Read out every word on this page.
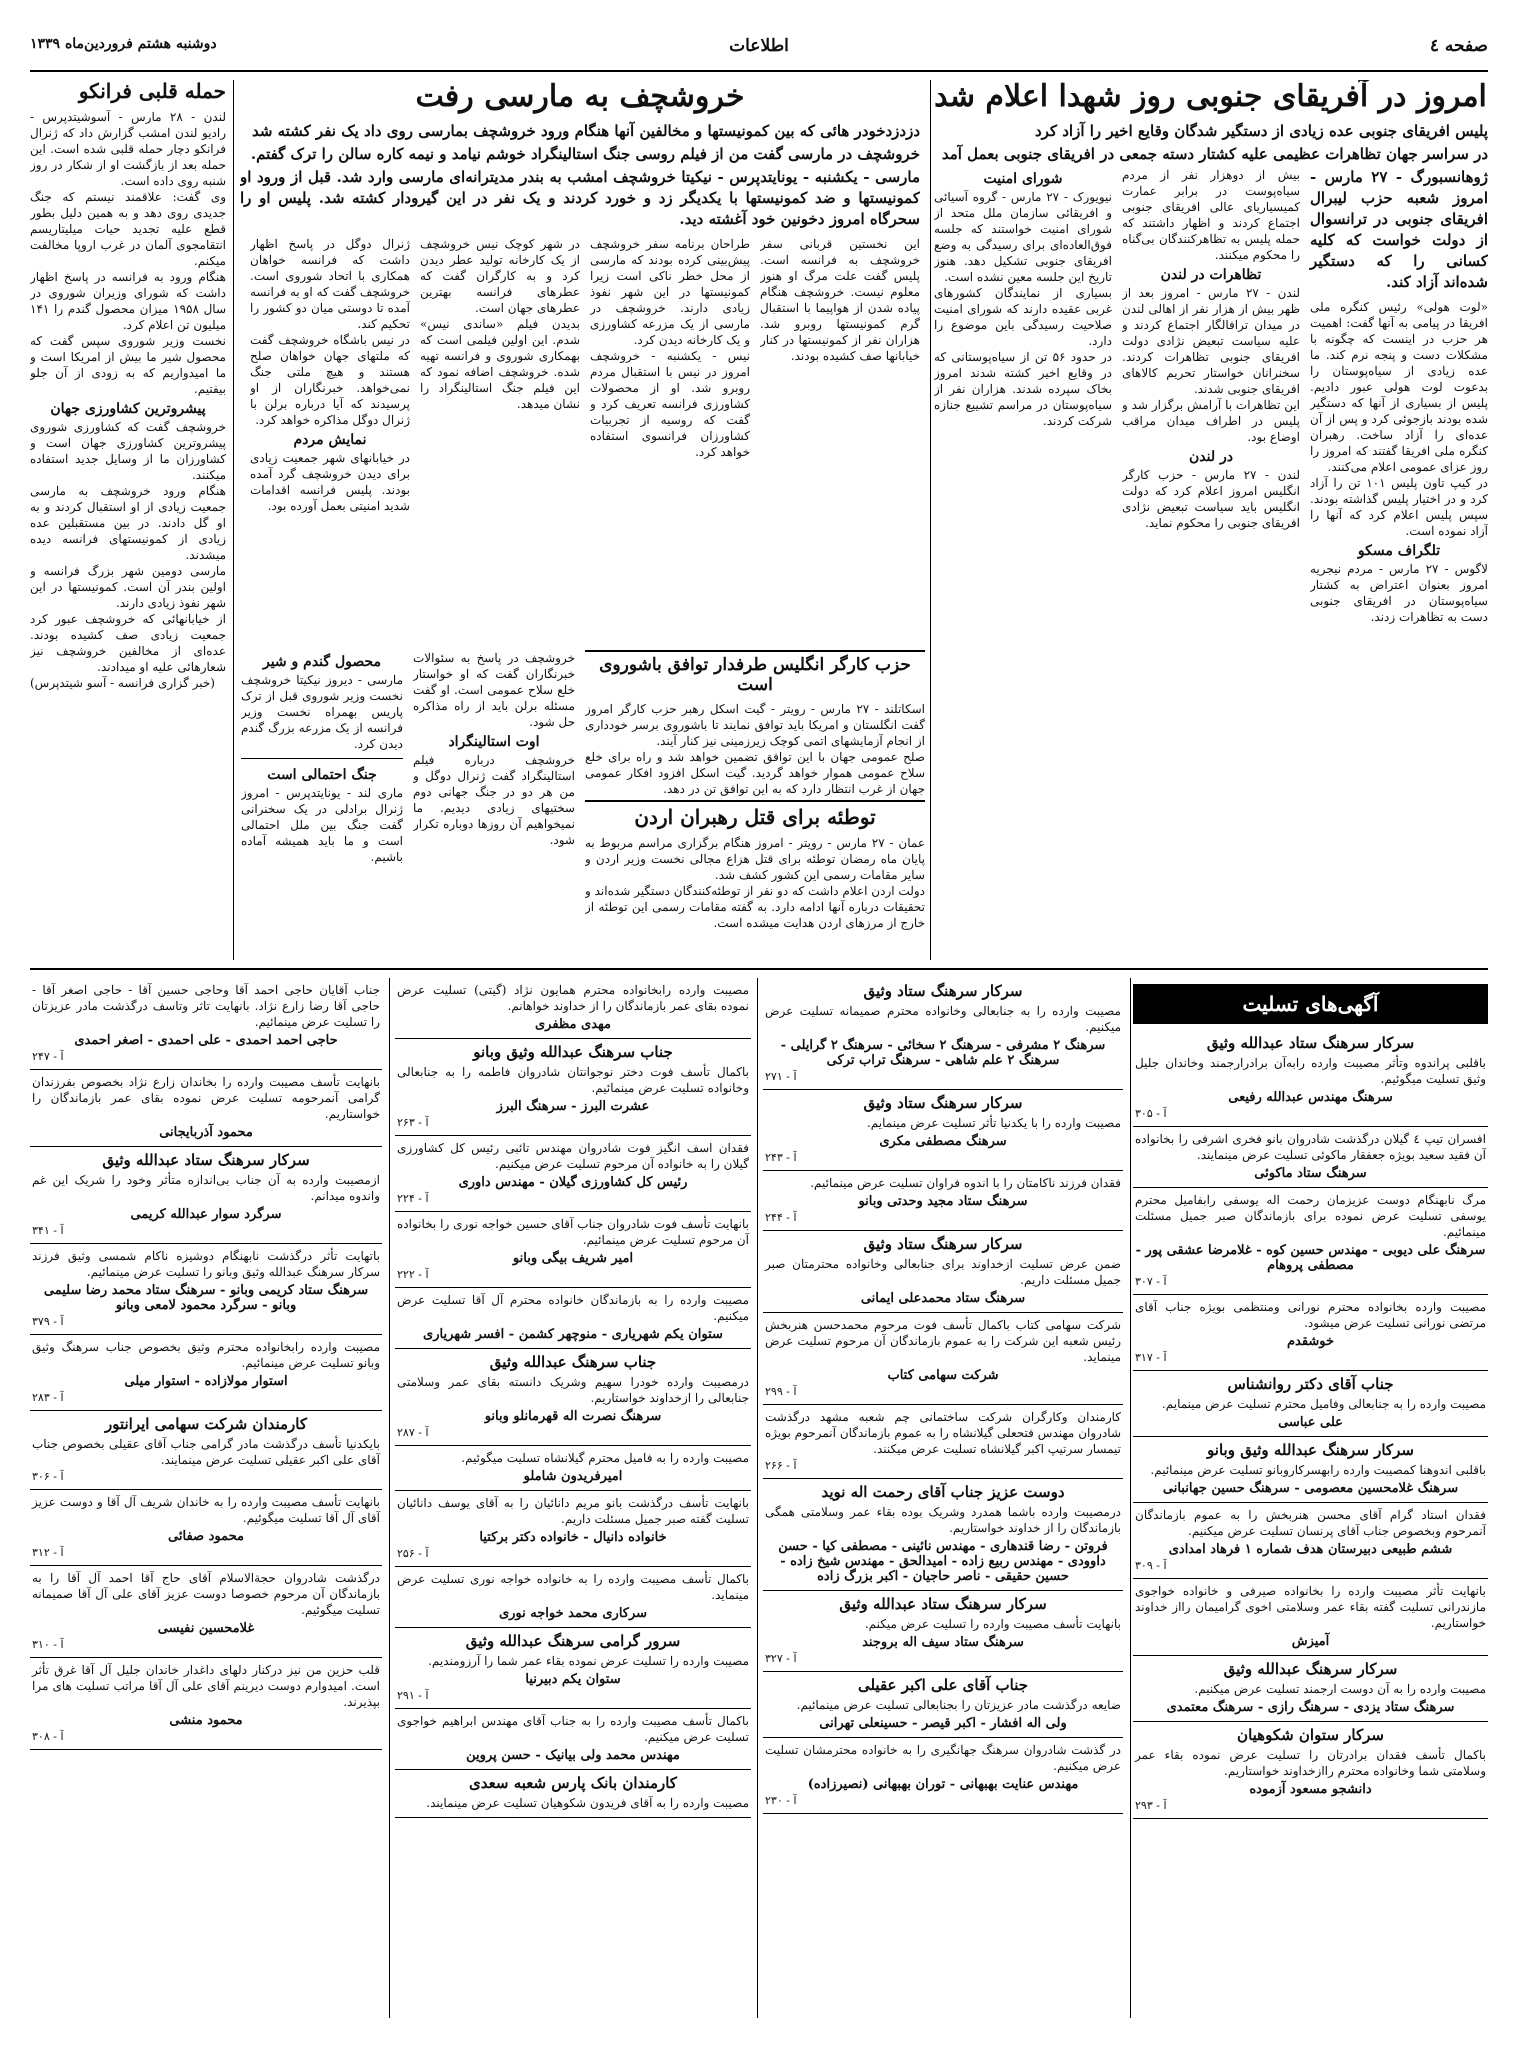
صفحه ٤
اطلاعات
دوشنبه هشتم فروردین‌ماه ۱۳۳۹
امروز در آفریقای جنوبی روز شهدا اعلام شد

پلیس افریقای جنوبی عده زیادی از دستگیر شدگان وقایع اخیر را آزاد کرد

در سراسر جهان تظاهرات عظیمی علیه کشتار دسته جمعی در افریقای جنوبی بعمل آمد

ژوهانسبورگ - ۲۷ مارس - امروز شعبه حزب لیبرال افریقای جنوبی در ترانسوال از دولت خواست که کلیه کسانی را که دستگیر شده‌اند آزاد کند.

«لوت هولی» رئیس کنگره ملی افریقا در پیامی به آنها گفت: اهمیت هر حزب در اینست که چگونه با مشکلات دست و پنجه نرم کند. ما عده زیادی از سیاه‌پوستان را بدعوت لوت هولی عبور دادیم. پلیس از بسیاری از آنها که دستگیر شده بودند بازجوئی کرد و پس از آن عده‌ای را آزاد ساخت. رهبران کنگره ملی افریقا گفتند که امروز را روز عزای عمومی اعلام می‌کنند.

در کیپ تاون پلیس ۱۰۱ تن را آزاد کرد و در اختیار پلیس گذاشته بودند. سپس پلیس اعلام کرد که آنها را آزاد نموده است.

تلگراف مسکو

لاگوس - ۲۷ مارس - مردم نیجریه امروز بعنوان اعتراض به کشتار سیاه‌پوستان در افریقای جنوبی دست به تظاهرات زدند.

بیش از دوهزار نفر از مردم سیاه‌پوست در برابر عمارت کمیسیاریای عالی افریقای جنوبی اجتماع کردند و اظهار داشتند که حمله پلیس به تظاهرکنندگان بی‌گناه را محکوم میکنند.

تظاهرات در لندن

لندن - ۲۷ مارس - امروز بعد از ظهر بیش از هزار نفر از اهالی لندن در میدان ترافالگار اجتماع کردند و علیه سیاست تبعیض نژادی دولت افریقای جنوبی تظاهرات کردند. سخنرانان خواستار تحریم کالاهای افریقای جنوبی شدند.

این تظاهرات با آرامش برگزار شد و پلیس در اطراف میدان مراقب اوضاع بود.

در لندن

لندن - ۲۷ مارس - حزب کارگر انگلیس امروز اعلام کرد که دولت انگلیس باید سیاست تبعیض نژادی افریقای جنوبی را محکوم نماید.

شورای امنیت

نیویورک - ۲۷ مارس - گروه آسیائی و افریقائی سازمان ملل متحد از شورای امنیت خواستند که جلسه فوق‌العاده‌ای برای رسیدگی به وضع افریقای جنوبی تشکیل دهد. هنوز تاریخ این جلسه معین نشده است.

بسیاری از نمایندگان کشورهای غربی عقیده دارند که شورای امنیت صلاحیت رسیدگی باین موضوع را دارد.

در حدود ۵۶ تن از سیاه‌پوستانی که در وقایع اخیر کشته شدند امروز بخاک سپرده شدند. هزاران نفر از سیاه‌پوستان در مراسم تشییع جنازه شرکت کردند.

خروشچف به مارسی رفت

دزدزدخودر هائی که بین کمونیستها و مخالفین آنها هنگام ورود خروشچف بمارسی روی داد یک نفر کشته شد

خروشچف در مارسی گفت من از فیلم روسی جنگ استالینگراد خوشم نیامد و نیمه کاره سالن را ترک گفتم.

مارسی - یکشنبه - یونایتدپرس - نیکیتا خروشچف امشب به بندر مدیترانه‌ای مارسی وارد شد. قبل از ورود او کمونیستها و ضد کمونیستها با یکدیگر زد و خورد کردند و یک نفر در این گیرودار کشته شد. پلیس او را سحرگاه امروز دخونین خود آغشته دید.

این نخستین قربانی سفر خروشچف به فرانسه است. پلیس گفت علت مرگ او هنوز معلوم نیست. خروشچف هنگام پیاده شدن از هواپیما با استقبال گرم کمونیستها روبرو شد. هزاران نفر از کمونیستها در کنار خیابانها صف کشیده بودند.

طراحان برنامه سفر خروشچف پیش‌بینی کرده بودند که مارسی از محل خطر ناکی است زیرا کمونیستها در این شهر نفوذ زیادی دارند. خروشچف در مارسی از یک مزرعه کشاورزی و یک کارخانه دیدن کرد.

نیس - یکشنبه - خروشچف امروز در نیس با استقبال مردم روبرو شد. او از محصولات کشاورزی فرانسه تعریف کرد و گفت که روسیه از تجربیات کشاورزان فرانسوی استفاده خواهد کرد.

در شهر کوچک نیس خروشچف از یک کارخانه تولید عطر دیدن کرد و به کارگران گفت که عطرهای فرانسه بهترین عطرهای جهان است.

بدیدن فیلم «ساندی نیس» شدم. این اولین فیلمی است که بهمکاری شوروی و فرانسه تهیه شده. خروشچف اضافه نمود که این فیلم جنگ استالینگراد را نشان میدهد.

ژنرال دوگل در پاسخ اظهار داشت که فرانسه خواهان همکاری با اتحاد شوروی است. خروشچف گفت که او به فرانسه آمده تا دوستی میان دو کشور را تحکیم کند.

در نیس باشگاه خروشچف گفت که ملتهای جهان خواهان صلح هستند و هیچ ملتی جنگ نمی‌خواهد. خبرنگاران از او پرسیدند که آیا درباره برلن با ژنرال دوگل مذاکره خواهد کرد.

نمایش مردم

در خیابانهای شهر جمعیت زیادی برای دیدن خروشچف گرد آمده بودند. پلیس فرانسه اقدامات شدید امنیتی بعمل آورده بود.

حزب کارگر انگلیس طرفدار توافق باشوروی است

اسکاتلند - ۲۷ مارس - رویتر - گیت اسکل رهبر حزب کارگر امروز گفت انگلستان و امریکا باید توافق نمایند تا باشوروی برسر خودداری از انجام آزمایشهای اتمی کوچک زیرزمینی نیز کنار آیند.

صلح عمومی جهان با این توافق تضمین خواهد شد و راه برای خلع سلاح عمومی هموار خواهد گردید. گیت اسکل افزود افکار عمومی جهان از غرب انتظار دارد که به این توافق تن در دهد.

توطئه برای قتل رهبران اردن

عمان - ۲۷ مارس - رویتر - امروز هنگام برگزاری مراسم مربوط به پایان ماه رمضان توطئه برای قتل هزاع مجالی نخست وزیر اردن و سایر مقامات رسمی این کشور کشف شد.

دولت اردن اعلام داشت که دو نفر از توطئه‌کنندگان دستگیر شده‌اند و تحقیقات درباره آنها ادامه دارد. به گفته مقامات رسمی این توطئه از خارج از مرزهای اردن هدایت میشده است.

خروشچف در پاسخ به سئوالات خبرنگاران گفت که او خواستار خلع سلاح عمومی است. او گفت مسئله برلن باید از راه مذاکره حل شود.

اوت استالینگراد

خروشچف درباره فیلم استالینگراد گفت ژنرال دوگل و من هر دو در جنگ جهانی دوم سختیهای زیادی دیدیم. ما نمیخواهیم آن روزها دوباره تکرار شود.

محصول گندم و شیر

مارسی - دیروز نیکیتا خروشچف نخست وزیر شوروی قبل از ترک پاریس بهمراه نخست وزیر فرانسه از یک مزرعه بزرگ گندم دیدن کرد.

جنگ احتمالی است

ماری لند - یونایتدپرس - امروز ژنرال برادلی در یک سخنرانی گفت جنگ بین ملل احتمالی است و ما باید همیشه آماده باشیم.

حمله قلبی فرانکو

لندن - ۲۸ مارس - آسوشیتدپرس - رادیو لندن امشب گزارش داد که ژنرال فرانکو دچار حمله قلبی شده است. این حمله بعد از بازگشت او از شکار در روز شنبه روی داده است.

وی گفت: علاقمند نیستم که جنگ جدیدی روی دهد و به همین دلیل بطور قطع علیه تجدید حیات میلیتاریسم انتقامجوی آلمان در غرب اروپا مخالفت میکنم.

هنگام ورود به فرانسه در پاسخ اظهار داشت که شورای وزیران شوروی در سال ۱۹۵۸ میزان محصول گندم را ۱۴۱ میلیون تن اعلام کرد.

نخست وزیر شوروی سپس گفت که محصول شیر ما بیش از امریکا است و ما امیدواریم که به زودی از آن جلو بیفتیم.

پیشروترین کشاورزی جهان

خروشچف گفت که کشاورزی شوروی پیشروترین کشاورزی جهان است و کشاورزان ما از وسایل جدید استفاده میکنند.

هنگام ورود خروشچف به مارسی جمعیت زیادی از او استقبال کردند و به او گل دادند. در بین مستقبلین عده زیادی از کمونیستهای فرانسه دیده میشدند.

مارسی دومین شهر بزرگ فرانسه و اولین بندر آن است. کمونیستها در این شهر نفوذ زیادی دارند.

از خیابانهائی که خروشچف عبور کرد جمعیت زیادی صف کشیده بودند. عده‌ای از مخالفین خروشچف نیز شعارهائی علیه او میدادند.

(خبر گزاری فرانسه - آسو شیتدپرس)

آگهی‌های تسلیت

سرکار سرهنگ ستاد عبدالله وثیق

باقلبی پراندوه وتأثر مصیبت وارده رابه‌آن برادرارجمند وخاندان جلیل وثیق تسلیت میگوئیم.

سرهنگ مهندس عبدالله رفیعی

آ - ۳۰۵

افسران تیپ ٤ گیلان درگذشت شادروان بانو فخری اشرفی را بخانواده آن فقید سعید بویژه جعفقار ماکوئی تسلیت عرض مینمایند.

سرهنگ ستاد ماکوئی

مرگ نابهنگام دوست عزیزمان رحمت اله یوسفی رابفامیل محترم یوسفی تسلیت عرض نموده برای بازماندگان صبر جمیل مسئلت مینمائیم.

سرهنگ علی دیوبی - مهندس حسین کوه - غلامرضا عشقی پور - مصطفی پروهام

آ - ۳۰۷

مصیبت وارده بخانواده محترم نورانی ومنتظمی بویژه جناب آقای مرتضی نورانی تسلیت عرض میشود.

خوشقدم

آ - ۳۱۷

جناب آقای دکتر روانشناس

مصیبت وارده را به جنابعالی وفامیل محترم تسلیت عرض مینمایم.

علی عباسی

سرکار سرهنگ عبدالله وثیق وبانو

باقلبی اندوهنا کمصیبت وارده رابهسرکاروبانو تسلیت عرض مینمائیم.

سرهنگ غلامحسین معصومی - سرهنگ حسین جهانبانی

فقدان استاد گرام آقای محسن هنربخش را به عموم بازماندگان آنمرحوم وبخصوص جناب آقای پرنسان تسلیت عرض میکنیم.

ششم طبیعی دبیرستان هدف شماره ۱ فرهاد امدادی

آ - ۳۰۹

بانهایت تأثر مصیبت وارده را بخانواده صیرفی و خانواده خواجوی مازندرانی تسلیت گفته بقاء عمر وسلامتی اخوی گرامیمان رااز خداوند خواستاریم.

آمیزش

سرکار سرهنگ عبدالله وثیق

مصیبت وارده را به آن دوست ارجمند تسلیت عرض میکنیم.

سرهنگ ستاد یزدی - سرهنگ رازی - سرهنگ معتمدی

سرکار ستوان شکوهیان

باکمال تأسف فقدان برادرتان را تسلیت عرض نموده بقاء عمر وسلامتی شما وخانواده محترم راازخداوند خواستاریم.

دانشجو مسعود آزموده

آ - ۲۹۳

سرکار سرهنگ ستاد وثیق

مصیبت وارده را به جنابعالی وخانواده محترم صمیمانه تسلیت عرض میکنیم.

سرهنگ ۲ مشرفی - سرهنگ ۲ سخائی - سرهنگ ۲ گرایلی - سرهنگ ۲ علم شاهی - سرهنگ تراب ترکی

آ - ۲۷۱

سرکار سرهنگ ستاد وثیق

مصیبت وارده را با یکدنیا تأثر تسلیت عرض مینمایم.

سرهنگ مصطفی مکری

آ - ۲۴۳

فقدان فرزند ناکامتان را با اندوه فراوان تسلیت عرض مینمائیم.

سرهنگ ستاد مجید وحدتی وبانو

آ - ۲۴۴

سرکار سرهنگ ستاد وثیق

ضمن عرض تسلیت ازخداوند برای جنابعالی وخانواده محترمتان صبر جمیل مسئلت داریم.

سرهنگ ستاد محمدعلی ایمانی

شرکت سهامی کتاب باکمال تأسف فوت مرحوم محمدحسن هنربخش رئیس شعبه این شرکت را به عموم بازماندگان آن مرحوم تسلیت عرض مینماید.

شرکت سهامی کتاب

آ - ۲۹۹

کارمندان وکارگران شرکت ساختمانی چم شعبه مشهد درگذشت شادروان مهندس فتحعلی گیلانشاه را به عموم بازماندگان آنمرحوم بویژه تیمسار سرتیپ اکبر گیلانشاه تسلیت عرض میکنند.

آ - ۲۶۶

دوست عزیز جناب آقای رحمت اله نوید

درمصیبت وارده باشما همدرد وشریک بوده بقاء عمر وسلامتی همگی بازماندگان را از خداوند خواستاریم.

فروتن - رضا قندهاری - مهندس نائینی - مصطفی کیا - حسن داوودی - مهندس ربیع زاده - امیدالحق - مهندس شیخ زاده - حسین حقیقی - ناصر حاجیان - اکبر بزرگ زاده

سرکار سرهنگ ستاد عبدالله وثیق

بانهایت تأسف مصیبت وارده را تسلیت عرض میکنم.

سرهنگ ستاد سیف اله بروجند

آ - ۳۲۷

جناب آقای علی اکبر عقیلی

ضایعه درگذشت مادر عزیزتان را بجنابعالی تسلیت عرض مینمائیم.

ولی اله افشار - اکبر قیصر - حسینعلی تهرانی

در گذشت شادروان سرهنگ جهانگیری را به خانواده محترمشان تسلیت عرض میکنیم.

مهندس عنایت بهبهانی - توران بهبهانی (نصیرزاده)

آ - ۲۳۰

مصیبت وارده رابخانواده محترم همایون نژاد (گیتی) تسلیت عرض نموده بقای عمر بازماندگان را از خداوند خواهانم.

مهدی مظفری

جناب سرهنگ عبدالله وثیق وبانو

باکمال تأسف فوت دختر نوجوانتان شادروان فاطمه را به جنابعالی وخانواده تسلیت عرض مینمائیم.

عشرت البرز - سرهنگ البرز

آ - ۲۶۳

فقدان اسف انگیز فوت شادروان مهندس تائبی رئیس کل کشاورزی گیلان را به خانواده آن مرحوم تسلیت عرض میکنیم.

رئیس کل کشاورزی گیلان - مهندس داوری

آ - ۲۲۴

بانهایت تأسف فوت شادروان جناب آقای حسین خواجه نوری را بخانواده آن مرحوم تسلیت عرض مینمائیم.

امیر شریف بیگی وبانو

آ - ۲۲۲

مصیبت وارده را به بازماندگان خانواده محترم آل آقا تسلیت عرض میکنیم.

ستوان یکم شهریاری - منوچهر کشمن - افسر شهریاری

جناب سرهنگ عبدالله وثیق

درمصیبت وارده خودرا سهیم وشریک دانسته بقای عمر وسلامتی جنابعالی را ازخداوند خواستاریم.

سرهنگ نصرت اله قهرمانلو وبانو

آ - ۲۸۷

مصیبت وارده را به فامیل محترم گیلانشاه تسلیت میگوئیم.

امیرفریدون شاملو

بانهایت تأسف درگذشت بانو مریم دانائیان را به آقای یوسف دانائیان تسلیت گفته صبر جمیل مسئلت داریم.

خانواده دانیال - خانواده دکتر برکتیا

آ - ۲۵۶

باکمال تأسف مصیبت وارده را به خانواده خواجه نوری تسلیت عرض مینماید.

سرکاری محمد خواجه نوری

سرور گرامی سرهنگ عبدالله وثیق

مصیبت وارده را تسلیت عرض نموده بقاء عمر شما را آرزومندیم.

ستوان یکم دبیرنیا

آ - ۲۹۱

باکمال تأسف مصیبت وارده را به جناب آقای مهندس ابراهیم خواجوی تسلیت عرض میکنیم.

مهندس محمد ولی بیانیک - حسن پروین

کارمندان بانک پارس شعبه سعدی

مصیبت وارده را به آقای فریدون شکوهیان تسلیت عرض مینمایند.

جناب آقایان حاجی احمد آقا وحاجی حسین آقا - حاجی اصغر آقا - حاجی آقا رضا زارع نژاد. بانهایت تاثر وتاسف درگذشت مادر عزیزتان را تسلیت عرض مینمائیم.

حاجی احمد احمدی - علی احمدی - اصغر احمدی

آ - ۲۴۷

بانهایت تأسف مصیبت وارده را بخاندان زارع نژاد بخصوص بفرزندان گرامی آنمرحومه تسلیت عرض نموده بقای عمر بازماندگان را خواستاریم.

محمود آذربایجانی

سرکار سرهنگ ستاد عبدالله وثیق

ازمصیبت وارده به آن جناب بی‌اندازه متأثر وخود را شریک این غم واندوه میدانم.

سرگرد سوار عبدالله کریمی

آ - ۳۴۱

باتهایت تأثر درگذشت نابهنگام دوشیزه ناکام شمسی وثیق فرزند سرکار سرهنگ عبدالله وثیق وبانو را تسلیت عرض مینمائیم.

سرهنگ ستاد کریمی وبانو - سرهنگ ستاد محمد رضا سلیمی وبانو - سرگرد محمود لامعی وبانو

آ - ۳۷۹

مصیبت وارده رابخانواده محترم وثیق بخصوص جناب سرهنگ وثیق وبانو تسلیت عرض مینمائیم.

استوار مولازاده - استوار میلی

آ - ۲۸۳

کارمندان شرکت سهامی ایرانتور

بایکدنیا تأسف درگذشت مادر گرامی جناب آقای عقیلی بخصوص جناب آقای علی اکبر عقیلی تسلیت عرض مینمایند.

آ - ۳۰۶

بانهایت تأسف مصیبت وارده را به خاندان شریف آل آقا و دوست عزیز آقای آل آقا تسلیت میگوئیم.

محمود صفائی

آ - ۳۱۲

درگذشت شادروان حجة‌الاسلام آقای حاج آقا احمد آل آقا را به بازماندگان آن مرحوم خصوصا دوست عزیز آقای علی آل آقا صمیمانه تسلیت میگوئیم.

غلامحسین نفیسی

آ - ۳۱۰

قلب حزین من نیز درکنار دلهای داغدار خاندان جلیل آل آقا غرق تأثر است. امیدوارم دوست دیرینم آقای علی آل آقا مراتب تسلیت های مرا بپذیرند.

محمود منشی

آ - ۳۰۸
